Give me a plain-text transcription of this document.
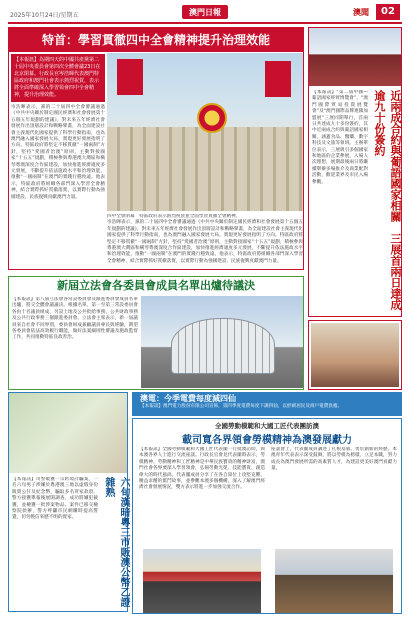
2025年10月24日/星期五	澳門日報	澳聞	02
特首：學習貫徹四中全會精神提升治理效能

【本報訊】為期四天的中國共產黨第二十屆中央委員會第四次全體會議23日在北京閉幕。行政長官岑浩暉代表澳門特區政府和澳門社會表示熱烈祝賀，表示將全面準確深入學習領會四中全會精神，提升治理效能。

岑浩暉表示，黨的二十屆四中全會審議通過《中共中央關於制定國民經濟和社會發展第十五個五年規劃的建議》，對未來五年經濟社會發展作出頂層設計和戰略擘畫，為全面建設社會主義現代化國家提供了科學行動指南，也為澳門融入國家發展大局、實現更好發展指明了方向。特區政府將堅定不移貫徹“一國兩制”方針，堅持“愛國者治澳”原則，主動對接國家“十五五”規劃，積極參與粵港澳大灣區和橫琴粵澳深度合作區建設，加快推進經濟適度多元發展，不斷提升依法施政水平和治理效能，推動“一國兩制”在澳門的實踐行穩致遠。他表示，特區政府將組織各部門深入學習全會精神，結合實際抓好貫徹落實，以實際行動為強國建設、民族復興貢獻澳門力量。

四中全會閉幕　特區政府表示熱烈祝賀並全面學習貫徹全會精神。

岑浩暉表示，黨的二十屆四中全會審議通過《中共中央關於制定國民經濟和社會發展第十五個五年規劃的建議》，對未來五年經濟社會發展作出頂層設計和戰略擘畫，為全面建設社會主義現代化國家提供了科學行動指南，也為澳門融入國家發展大局、實現更好發展指明了方向。特區政府將堅定不移貫徹“一國兩制”方針，堅持“愛國者治澳”原則，主動對接國家“十五五”規劃，積極參與粵港澳大灣區和橫琴粵澳深度合作區建設，加快推進經濟適度多元發展，不斷提升依法施政水平和治理效能，推動“一國兩制”在澳門的實踐行穩致遠。他表示，特區政府將組織各部門深入學習全會精神，結合實際抓好貫徹落實，以實際行動為強國建設、民族復興貢獻澳門力量。	近兩成合約與葡語國家相關　三展首兩日達成逾九十份簽約

【本報訊】“第二屆中國—葡語國家經貿博覽會”、“澳門國際貿易投資展覽會”及“澳門國際品牌連鎖加盟展”三展同期舉行，首兩日共達成九十多份簽約，其中近兩成合約與葡語國家相關，涵蓋食品、醫藥、數字科技及文旅等領域。主辦單位表示，三展吸引多個國家和地區的企業參展，入場人次理想，展期最後兩日將繼續舉辦多場推介及商業配對活動，歡迎業界及市民入場參觀。

新屆立法會各委員會成員名單出爐待議決

【本報訊】第八屆立法會各常設委員會及跟進委員會成員名單出爐，將交全體會議議決。根據名單，第一至第三常設委員會各由十名議員組成，另設土地及公共批給事務、公共財政事務及公共行政事務三個跟進委員會。立法會主席表示，新一屆議員來自社會不同界別，委員會組成兼顧議員專長與經驗，期望各委員會依法高效履行職能，做好法案細則性審議及施政監督工作，共同推動特區良政善治。

六旬漢暗粵三市販澳公幣乙證雜熟

【本報訊】司警破獲一宗跨境詐騙案，一名六旬男子涉嫌於粵港澳三地以虛假身份販賣公仔及紀念幣，騙取多名買家款項。警方接獲舉報後展開調查，成功將嫌犯截獲，並檢獲一批涉案物品。案件已移交檢察院偵辦，警方呼籲市民網購時提高警覺，切勿輕信來歷不明的賣家。

澳電：今季電費每度減四仙
【本報訊】澳門電力股份有限公司宣佈，第四季度電費每度下調四仙，以紓緩居民及商戶電費負擔。
全國勞動模範和大國工匠代表團訪澳
載司寬各界領會勞模精神為澳發展獻力

【本報訊】全國勞動模範和大國工匠代表團一行抵澳訪問，與本澳各界人士進行交流座談。行政長官會見代表團時表示，勞模精神、勞動精神和工匠精神是中華民族寶貴的精神財富，澳門社會各界要深入學習領會，弘揚勞動光榮、技能寶貴、創造偉大的時代風尚。代表團成員分享了在各自崗位上攻堅克難、精益求精的奮鬥故事，並參觀本澳多個機構，深入了解澳門經濟社會發展情況，雙方表示將進一步加強交流合作。

座談會上，代表團成員講述了扎根基層、勇於創新的經歷。本澳青年代表表示深受鼓舞，將以勞模為榜樣，立足本職，努力成長為澳門發展所需的高素質人才，為建設更美好澳門貢獻力量。
